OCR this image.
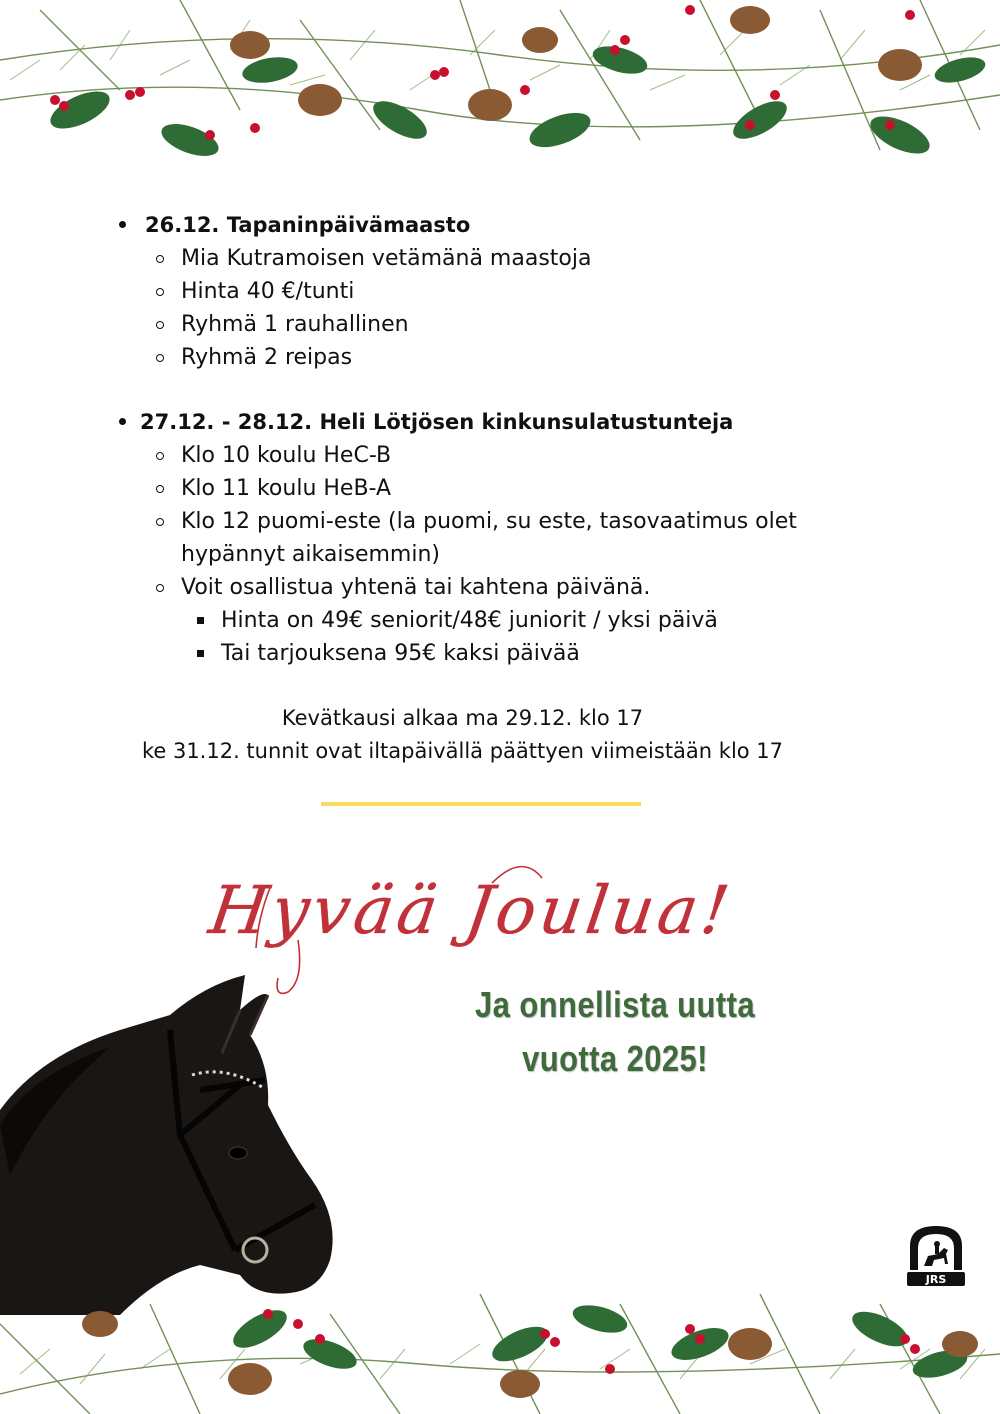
26.12. Tapaninpäivämaasto
Mia Kutramoisen vetämänä maastoja
Hinta 40 €/tunti
Ryhmä 1 rauhallinen
Ryhmä 2 reipas
27.12. - 28.12. Heli Lötjösen kinkunsulatustunteja
Klo 10 koulu HeC-B
Klo 11 koulu HeB-A
Klo 12 puomi-este (la puomi, su este, tasovaatimus olet
hypännyt aikaisemmin)
Voit osallistua yhtenä tai kahtena päivänä.
Hinta on 49€ seniorit/48€ juniorit / yksi päivä
Tai tarjouksena 95€ kaksi päivää
Kevätkausi alkaa ma 29.12. klo 17
ke 31.12. tunnit ovat iltapäivällä päättyen viimeistään klo 17
Hyvää Joulua!
Ja onnellista uutta
vuotta 2025!
JRS
